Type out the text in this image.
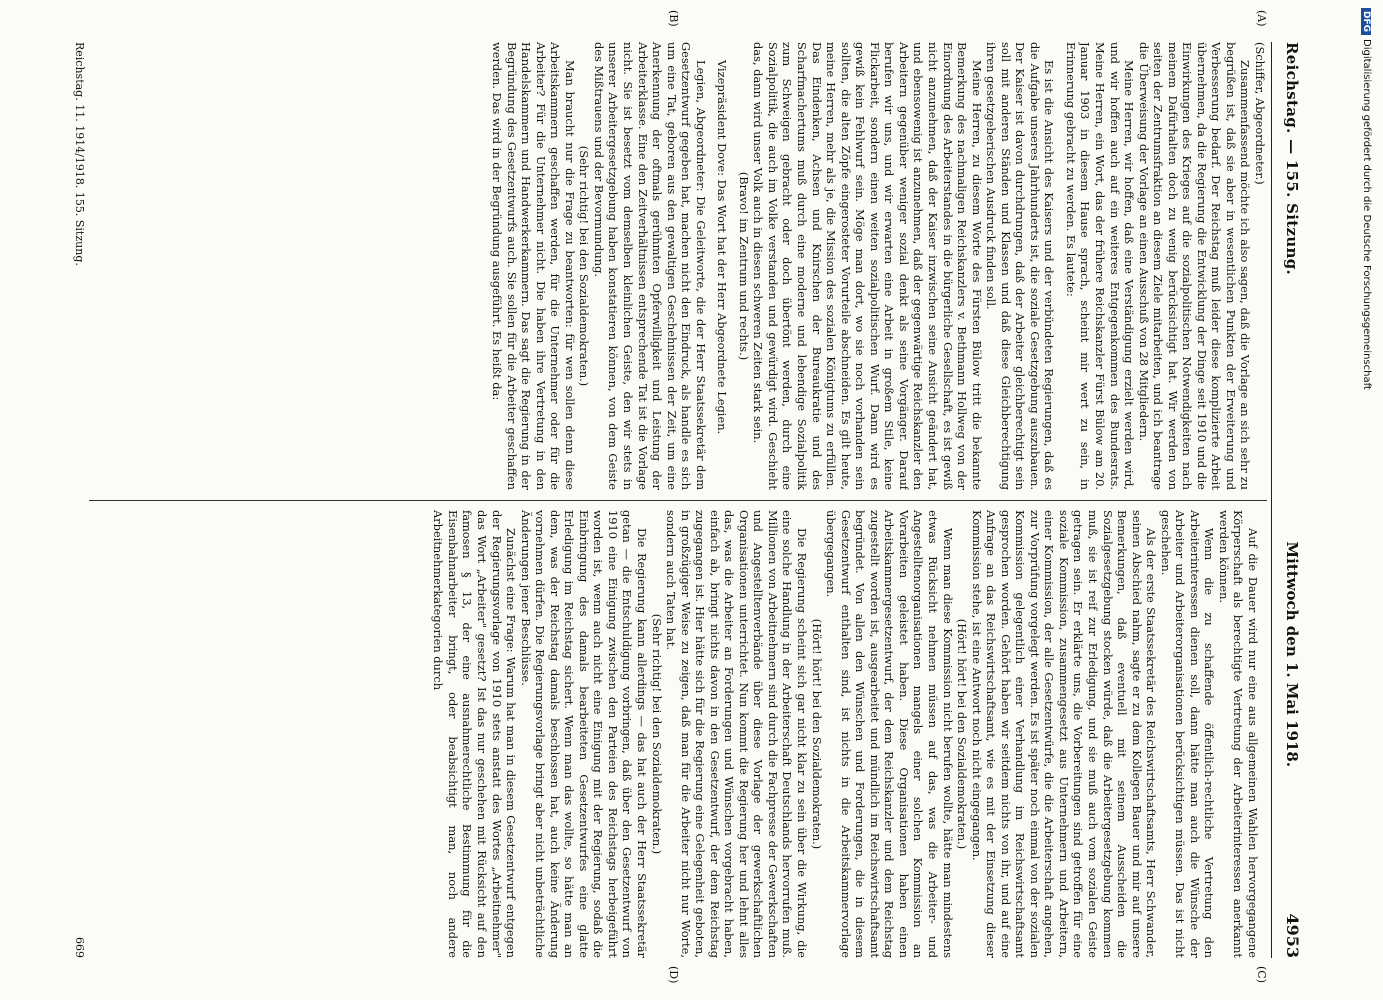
Reichstag. — 155. Sitzung.
Mittwoch den 1. Mai 1918.
4953

(Schiffer, Abgeordneter.)

Zusammenfassend möchte ich also sagen, daß die Vorlage an sich sehr zu begrüßen ist, daß sie aber in wesentlichen Punkten der Erweiterung und Verbesserung bedarf. Der Reichstag muß leider diese komplizierte Arbeit übernehmen, da die Regierung die Entwicklung der Dinge seit 1910 und die Einwirkungen des Krieges auf die sozialpolitischen Notwendigkeiten nach meinem Dafürhalten doch zu wenig berücksichtigt hat. Wir werden von seiten der Zentrumsfraktion an diesem Ziele mitarbeiten, und ich beantrage die Überweisung der Vorlage an einen Ausschuß von 28 Mitgliedern.

Meine Herren, wir hoffen, daß eine Verständigung erzielt werden wird, und wir hoffen auch auf ein weiteres Entgegenkommen des Bundesrats. Meine Herren, ein Wort, das der frühere Reichskanzler Fürst Bülow am 20. Januar 1903 in diesem Hause sprach, scheint mir wert zu sein, in Erinnerung gebracht zu werden. Es lautete:

Es ist die Ansicht des Kaisers und der verbündeten Regierungen, daß es die Aufgabe unseres Jahrhunderts ist, die soziale Gesetzgebung auszubauen. Der Kaiser ist davon durchdrungen, daß der Arbeiter gleichberechtigt sein soll mit anderen Ständen und Klassen und daß diese Gleichberechtigung ihren gesetzgeberischen Ausdruck finden soll.

Meine Herren, zu diesem Worte des Fürsten Bülow tritt die bekannte Bemerkung des nachmaligen Reichskanzlers v. Bethmann Hollweg von der Einordnung des Arbeiterstandes in die bürgerliche Gesellschaft, es ist gewiß nicht anzunehmen, daß der Kaiser inzwischen seine Ansicht geändert hat, und ebensowenig ist anzunehmen, daß der gegenwärtige Reichskanzler den Arbeitern gegenüber weniger sozial denkt als seine Vorgänger. Darauf berufen wir uns, und wir erwarten eine Arbeit in großem Stile, keine Flickarbeit, sondern einen weiten sozialpolitischen Wurf. Dann wird es gewiß kein Fehlwurf sein. Möge man dort, wo sie noch vorhanden sein sollten, die alten Zöpfe eingerosteter Vorurteile abschneiden. Es gilt heute, meine Herren, mehr als je, die Mission des sozialen Königtums zu erfüllen. Das Eindenken, Achsen und Knirschen der Bureaukratie und des Scharfmachertums muß durch eine moderne und lebendige Sozialpolitik zum Schweigen gebracht oder doch übertönt werden, durch eine Sozialpolitik, die auch im Volke verstanden und gewürdigt wird. Geschieht das, dann wird unser Volk auch in diesen schweren Zeiten stark sein.

(Bravo! im Zentrum und rechts.)

Vizepräsident Dove: Das Wort hat der Herr Abgeordnete Legien.

Legien, Abgeordneter: Die Geleitworte, die der Herr Staatssekretär dem Gesetzentwurf gegeben hat, machen nicht den Eindruck, als handle es sich um eine Tat, geboren aus den gewaltigen Geschehnissen der Zeit, um eine Anerkennung der oftmals gerühmten Opferwilligkeit und Leistung der Arbeiterklasse. Eine den Zeitverhältnissen entsprechende Tat ist die Vorlage nicht. Sie ist besetzt vom demselben kleinlichen Geiste, den wir stets in unserer Arbeitergesetzgebung haben konstatieren können, von dem Geiste des Mißtrauens und der Bevormundung.

(Sehr richtig! bei den Sozialdemokraten.)

Man braucht nur die Frage zu beantworten: für wen sollen denn diese Arbeitskammern geschaffen werden, für die Unternehmer oder für die Arbeiter? Für die Unternehmer nicht. Die haben ihre Vertretung in den Handelskammern und Handwerkerkammern. Das sagt die Regierung in der Begründung des Gesetzentwurfs auch. Sie sollen für die Arbeiter geschaffen werden. Das wird in der Begründung ausgeführt. Es heißt da:

Auf die Dauer wird nur eine aus allgemeinen Wahlen hervorgegangene Körperschaft als berechtigte Vertretung der Arbeiterinteressen anerkannt werden können.

Wenn die zu schaffende öffentlich-rechtliche Vertretung den Arbeiterinteressen dienen soll, dann hätte man auch die Wünsche der Arbeiter und Arbeiterorganisationen berücksichtigen müssen. Das ist nicht geschehen.

Als der erste Staatssekretär des Reichswirtschaftsamts, Herr Schwander, seinen Abschied nahm, sagte er zu dem Kollegen Bauer und mir auf unsere Bemerkungen, daß eventuell mit seinem Ausscheiden die Sozialgesetzgebung stocken würde, daß die Arbeitergesetzgebung kommen muß, sie ist reif zur Erledigung, und sie muß auch vom sozialen Geiste getragen sein. Er erklärte uns, die Vorbereitungen sind getroffen für eine soziale Kommission, zusammengesetzt aus Unternehmern und Arbeitern, einer Kommission, der alle Gesetzentwürfe, die die Arbeiterschaft angehen, zur Vorprüfung vorgelegt werden. Es ist später noch einmal von der sozialen Kommission gelegentlich einer Verhandlung im Reichswirtschaftsamt gesprochen worden. Gehört haben wir seitdem nichts von ihr, und auf eine Anfrage an das Reichswirtschaftsamt, wie es mit der Einsetzung dieser Kommission stehe, ist eine Antwort noch nicht eingegangen.

(Hört! hört! bei den Sozialdemokraten.)

Wenn man diese Kommission nicht berufen wollte, hätte man mindestens etwas Rücksicht nehmen müssen auf das, was die Arbeiter- und Angestelltenorganisationen mangels einer solchen Kommission an Vorarbeiten geleistet haben. Diese Organisationen haben einen Arbeitskammergesetzentwurf, der dem Reichskanzler und dem Reichstag zugestellt worden ist, ausgearbeitet und mündlich im Reichswirtschaftsamt begründet. Von allen den Wünschen und Forderungen, die in diesem Gesetzentwurf enthalten sind, ist nichts in die Arbeitskammervorlage übergegangen.

(Hört! hört! bei den Sozialdemokraten.)

Die Regierung scheint sich gar nicht klar zu sein über die Wirkung, die eine solche Handlung in der Arbeiterschaft Deutschlands hervorrufen muß. Millionen von Arbeitnehmern sind durch die Fachpresse der Gewerkschaften und Angestelltenverbände über diese Vorlage der gewerkschaftlichen Organisationen unterrichtet. Nun kommt die Regierung her und lehnt alles das, was die Arbeiter an Forderungen und Wünschen vorgebracht haben, einfach ab, bringt nichts davon in den Gesetzentwurf, der dem Reichstag zugegangen ist. Hier hätte sich für die Regierung eine Gelegenheit geboten, in großzügiger Weise zu zeigen, daß man für die Arbeiter nicht nur Worte, sondern auch Taten hat.

(Sehr richtig! bei den Sozialdemokraten.)

Die Regierung kann allerdings — das hat auch der Herr Staatssekretär getan — die Entschuldigung vorbringen, daß über den Gesetzentwurf von 1910 eine Einigung zwischen den Parteien des Reichstags herbeigeführt worden ist, wenn auch nicht eine Einigung mit der Regierung, sodaß die Einbringung des damals bearbeiteten Gesetzentwurfes eine glatte Erledigung im Reichstag sichert. Wenn man das wollte, so hätte man an dem, was der Reichstag damals beschlossen hat, auch keine Änderung vornehmen dürfen. Die Regierungsvorlage bringt aber nicht unbeträchtliche Änderungen jener Beschlüsse.

Zunächst eine Frage: Warum hat man in diesem Gesetzentwurf entgegen der Regierungsvorlage von 1910 stets anstatt des Wortes „Arbeitnehmer" das Wort „Arbeiter" gesetzt? Ist das nur geschehen mit Rücksicht auf den famosen § 13, der eine ausnahmerechtliche Bestimmung für die Eisenbahnarbeiter bringt, oder beabsichtigt man, noch andere Arbeitnehmerkategorien durch

Reichstag. 11. 1914/1918. 155. Sitzung.
669
(A)
(B)
(C)
(D)
DFGDigitalisierung gefördert durch die Deutsche Forschungsgemeinschaft
